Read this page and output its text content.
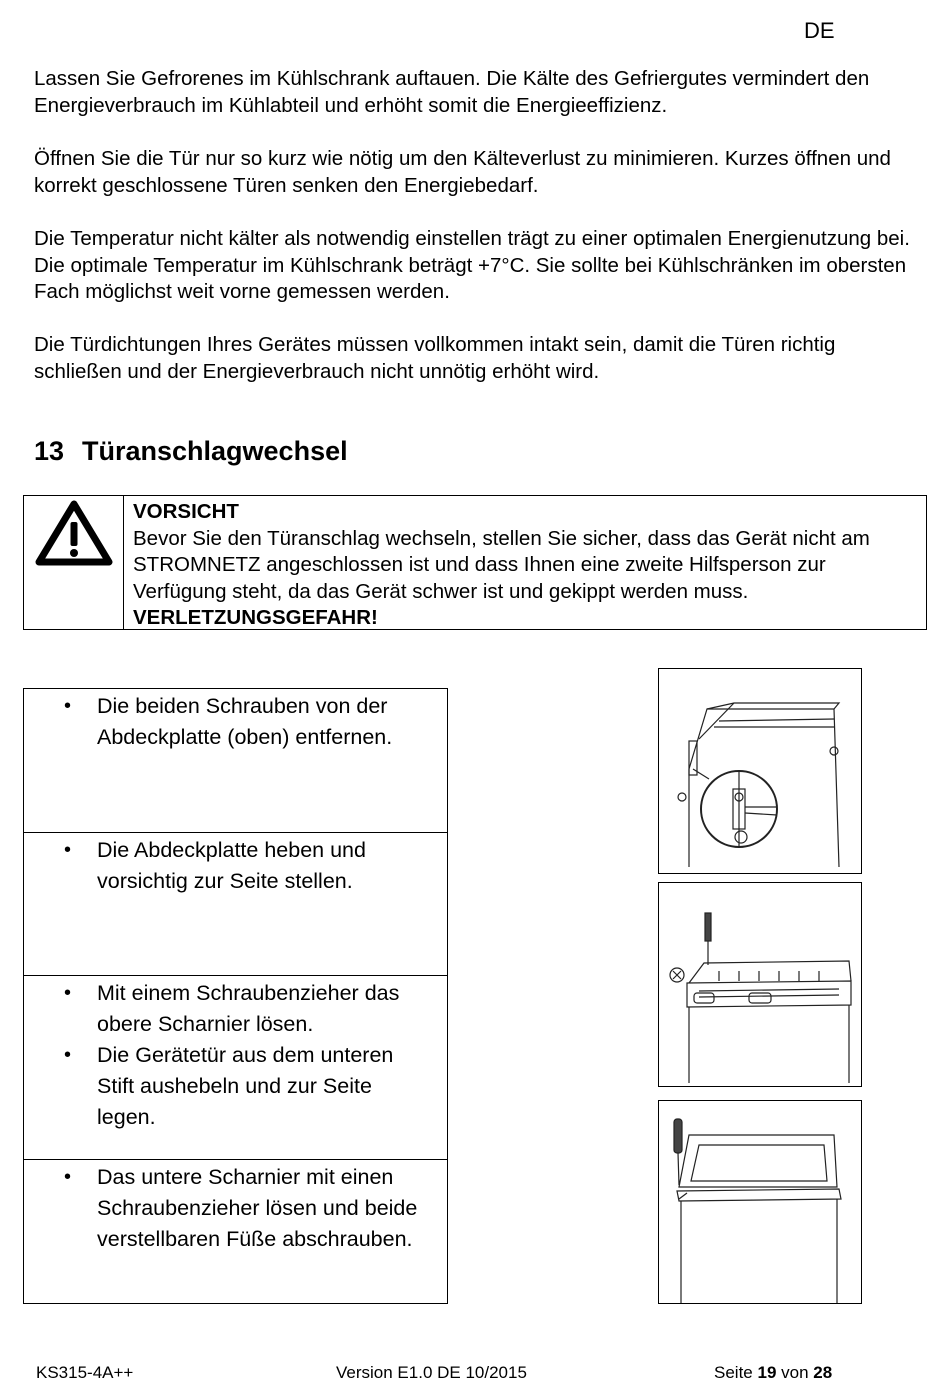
DE

Lassen Sie Gefrorenes im Kühlschrank auftauen. Die Kälte des Gefriergutes vermindert den Energieverbrauch im Kühlabteil und erhöht somit die Energieeffizienz.

Öffnen Sie die Tür nur so kurz wie nötig um den Kälteverlust zu minimieren. Kurzes öffnen und korrekt geschlossene Türen senken den Energiebedarf.

Die Temperatur nicht kälter als notwendig einstellen trägt zu einer optimalen Energienutzung bei. Die optimale Temperatur im Kühlschrank beträgt +7°C. Sie sollte bei Kühlschränken im obersten Fach möglichst weit vorne gemessen werden.

Die Türdichtungen Ihres Gerätes müssen vollkommen intakt sein, damit die Türen richtig schließen und der Energieverbrauch nicht unnötig erhöht wird.

13 Türanschlagwechsel
VORSICHT
Bevor Sie den Türanschlag wechseln, stellen Sie sicher, dass das Gerät nicht am STROMNETZ angeschlossen ist und dass Ihnen eine zweite Hilfsperson zur Verfügung steht, da das Gerät schwer ist und gekippt werden muss. VERLETZUNGSGEFAHR!
• Die beiden Schrauben von der Abdeckplatte (oben) entfernen.
• Die Abdeckplatte heben und vorsichtig zur Seite stellen.
• Mit einem Schraubenzieher das obere Scharnier lösen.
• Die Gerätetür aus dem unteren Stift aushebeln und zur Seite legen.
• Das untere Scharnier mit einen Schraubenzieher lösen und beide verstellbaren Füße abschrauben.
KS315-4A++	Version E1.0 DE 10/2015	Seite 19 von 28
